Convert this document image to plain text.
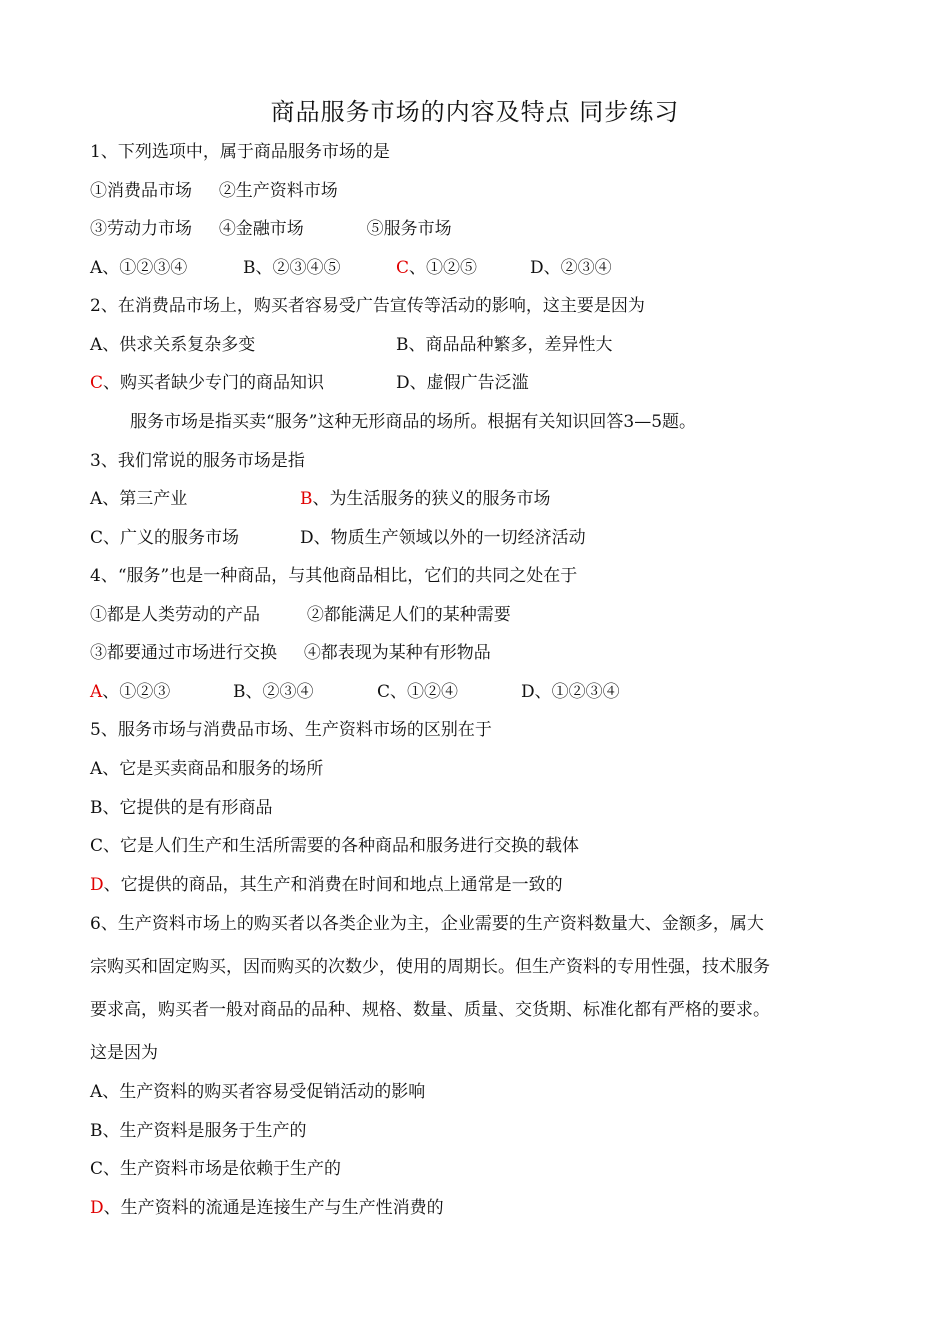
商品服务市场的内容及特点 同步练习
1、下列选项中，属于商品服务市场的是
①消费品市场 ②生产资料市场
③劳动力市场 ④金融市场	⑤服务市场
A、①②③④	B、②③④⑤	C、①②⑤	D、②③④
2、在消费品市场上，购买者容易受广告宣传等活动的影响，这主要是因为
A、供求关系复杂多变	B、商品品种繁多，差异性大
C、购买者缺少专门的商品知识	D、虚假广告泛滥
服务市场是指买卖“服务”这种无形商品的场所。根据有关知识回答3—5题。
3、我们常说的服务市场是指
A、第三产业	B、为生活服务的狭义的服务市场
C、广义的服务市场	D、物质生产领域以外的一切经济活动
4、“服务”也是一种商品，与其他商品相比，它们的共同之处在于
①都是人类劳动的产品	②都能满足人们的某种需要
③都要通过市场进行交换 ④都表现为某种有形物品
A、①②③	B、②③④	C、①②④	D、①②③④
5、服务市场与消费品市场、生产资料市场的区别在于
A、它是买卖商品和服务的场所
B、它提供的是有形商品
C、它是人们生产和生活所需要的各种商品和服务进行交换的载体
D、它提供的商品，其生产和消费在时间和地点上通常是一致的
6、生产资料市场上的购买者以各类企业为主，企业需要的生产资料数量大、金额多，属大
宗购买和固定购买，因而购买的次数少，使用的周期长。但生产资料的专用性强，技术服务
要求高，购买者一般对商品的品种、规格、数量、质量、交货期、标准化都有严格的要求。
这是因为
A、生产资料的购买者容易受促销活动的影响
B、生产资料是服务于生产的
C、生产资料市场是依赖于生产的
D、生产资料的流通是连接生产与生产性消费的
